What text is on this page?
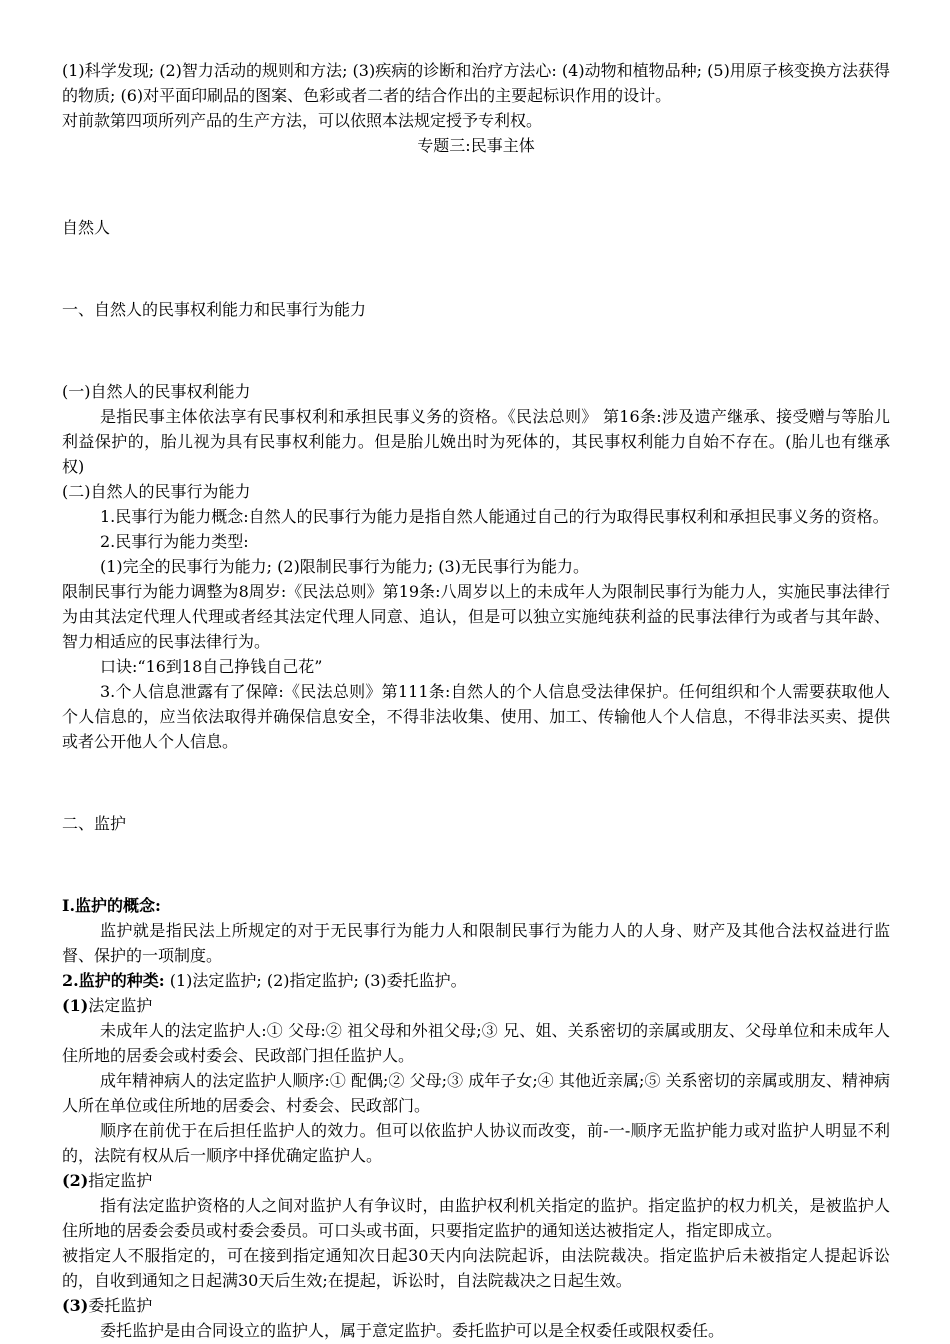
(1)科学发现; (2)智力活动的规则和方法; (3)疾病的诊断和治疗方法心: (4)动物和植物品种; (5)用原子核变换方法获得的物质; (6)对平面印刷品的图案、色彩或者二者的结合作出的主要起标识作用的设计。

对前款第四项所列产品的生产方法，可以依照本法规定授予专利权。

专题三:民事主体

自然人

一、自然人的民事权利能力和民事行为能力

(一)自然人的民事权利能力

是指民事主体依法享有民事权利和承担民事义务的资格。《民法总则》 第16条:涉及遗产继承、接受赠与等胎儿利益保护的，胎儿视为具有民事权利能力。但是胎儿娩出时为死体的，其民事权利能力自始不存在。(胎儿也有继承权)

(二)自然人的民事行为能力

1.民事行为能力概念:自然人的民事行为能力是指自然人能通过自己的行为取得民事权利和承担民事义务的资格。

2.民事行为能力类型:

(1)完全的民事行为能力; (2)限制民事行为能力; (3)无民事行为能力。

限制民事行为能力调整为8周岁:《民法总则》第19条:八周岁以上的未成年人为限制民事行为能力人，实施民事法律行为由其法定代理人代理或者经其法定代理人同意、追认，但是可以独立实施纯获利益的民事法律行为或者与其年龄、智力相适应的民事法律行为。

口诀:“16到18自己挣钱自己花”

3.个人信息泄露有了保障:《民法总则》第111条:自然人的个人信息受法律保护。任何组织和个人需要获取他人个人信息的，应当依法取得并确保信息安全，不得非法收集、使用、加工、传输他人个人信息，不得非法买卖、提供或者公开他人个人信息。

二、监护

I.监护的概念:

监护就是指民法上所规定的对于无民事行为能力人和限制民事行为能力人的人身、财产及其他合法权益进行监督、保护的一项制度。

2.监护的种类: (1)法定监护; (2)指定监护; (3)委托监护。

(1)法定监护

未成年人的法定监护人:① 父母:② 祖父母和外祖父母;③ 兄、姐、关系密切的亲属或朋友、父母单位和未成年人住所地的居委会或村委会、民政部门担任监护人。

成年精神病人的法定监护人顺序:① 配偶;② 父母;③ 成年子女;④ 其他近亲属;⑤ 关系密切的亲属或朋友、精神病人所在单位或住所地的居委会、村委会、民政部门。

顺序在前优于在后担任监护人的效力。但可以依监护人协议而改变，前-一-顺序无监护能力或对监护人明显不利的，法院有权从后一顺序中择优确定监护人。

(2)指定监护

指有法定监护资格的人之间对监护人有争议时，由监护权利机关指定的监护。指定监护的权力机关，是被监护人住所地的居委会委员或村委会委员。可口头或书面，只要指定监护的通知送达被指定人，指定即成立。

被指定人不服指定的，可在接到指定通知次日起30天内向法院起诉，由法院裁决。指定监护后未被指定人提起诉讼的，自收到通知之日起满30天后生效;在提起，诉讼时，自法院裁决之日起生效。

(3)委托监护

委托监护是由合同设立的监护人，属于意定监护。委托监护可以是全权委任或限权委任。
